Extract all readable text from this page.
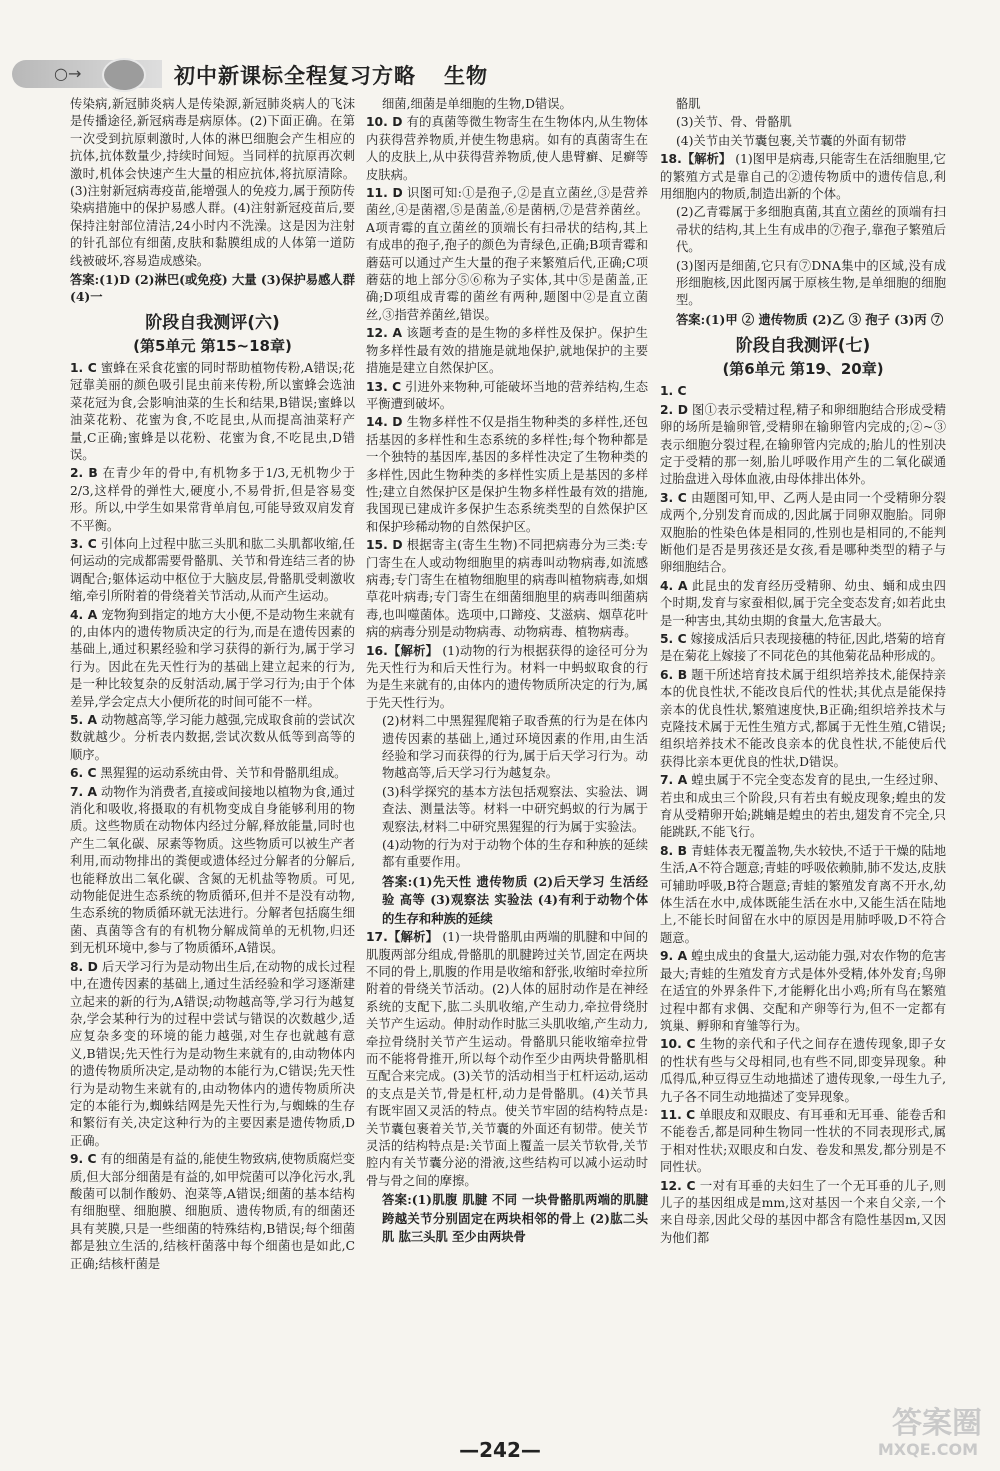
○→	初中新课标全程复习方略 生物

传染病,新冠肺炎病人是传染源,新冠肺炎病人的飞沫是传播途径,新冠病毒是病原体。(2)下面正确。在第一次受到抗原刺激时,人体的淋巴细胞会产生相应的抗体,抗体数量少,持续时间短。当同样的抗原再次刺激时,机体会快速产生大量的相应抗体,将抗原清除。(3)注射新冠病毒疫苗,能增强人的免疫力,属于预防传染病措施中的保护易感人群。(4)注射新冠疫苗后,要保持注射部位清洁,24小时内不洗澡。这是因为注射的针孔部位有细菌,皮肤和黏膜组成的人体第一道防线被破坏,容易造成感染。

答案:(1)D (2)淋巴(或免疫) 大量 (3)保护易感人群 (4)一

阶段自我测评(六)
(第5单元 第15~18章)

1. C 蜜蜂在采食花蜜的同时帮助植物传粉,A错误;花冠靠美丽的颜色吸引昆虫前来传粉,所以蜜蜂会选油菜花冠为食,会影响油菜的生长和结果,B错误;蜜蜂以油菜花粉、花蜜为食,不吃昆虫,从而提高油菜籽产量,C正确;蜜蜂是以花粉、花蜜为食,不吃昆虫,D错误。

2. B 在青少年的骨中,有机物多于1/3,无机物少于2/3,这样骨的弹性大,硬度小,不易骨折,但是容易变形。所以,中学生如果常背单肩包,可能导致双肩发育不平衡。

3. C 引体向上过程中肱三头肌和肱二头肌都收缩,任何运动的完成都需要骨骼肌、关节和骨连结三者的协调配合;躯体运动中枢位于大脑皮层,骨骼肌受刺激收缩,牵引所附着的骨绕着关节活动,从而产生运动。

4. A 宠物狗到指定的地方大小便,不是动物生来就有的,由体内的遗传物质决定的行为,而是在遗传因素的基础上,通过积累经验和学习获得的新行为,属于学习行为。因此在先天性行为的基础上建立起来的行为,是一种比较复杂的反射活动,属于学习行为;由于个体差异,学会定点大小便所花的时间可能不一样。

5. A 动物越高等,学习能力越强,完成取食前的尝试次数就越少。分析表内数据,尝试次数从低等到高等的顺序。

6. C 黑猩猩的运动系统由骨、关节和骨骼肌组成。

7. A 动物作为消费者,直接或间接地以植物为食,通过消化和吸收,将摄取的有机物变成自身能够利用的物质。这些物质在动物体内经过分解,释放能量,同时也产生二氧化碳、尿素等物质。这些物质可以被生产者利用,而动物排出的粪便或遗体经过分解者的分解后,也能释放出二氧化碳、含氮的无机盐等物质。可见,动物能促进生态系统的物质循环,但并不是没有动物,生态系统的物质循环就无法进行。分解者包括腐生细菌、真菌等含有的有机物分解成简单的无机物,归还到无机环境中,参与了物质循环,A错误。

8. D 后天学习行为是动物出生后,在动物的成长过程中,在遗传因素的基础上,通过生活经验和学习逐渐建立起来的新的行为,A错误;动物越高等,学习行为越复杂,学会某种行为的过程中尝试与错误的次数越少,适应复杂多变的环境的能力越强,对生存也就越有意义,B错误;先天性行为是动物生来就有的,由动物体内的遗传物质所决定,是动物的本能行为,C错误;先天性行为是动物生来就有的,由动物体内的遗传物质所决定的本能行为,蜘蛛结网是先天性行为,与蜘蛛的生存和繁衍有关,决定这种行为的主要因素是遗传物质,D正确。

9. C 有的细菌是有益的,能使生物致病,使物质腐烂变质,但大部分细菌是有益的,如甲烷菌可以净化污水,乳酸菌可以制作酸奶、泡菜等,A错误;细菌的基本结构有细胞壁、细胞膜、细胞质、遗传物质,有的细菌还具有荚膜,只是一些细菌的特殊结构,B错误;每个细菌都是独立生活的,结核杆菌落中每个细菌也是如此,C正确;结核杆菌是

细菌,细菌是单细胞的生物,D错误。

10. D 有的真菌等微生物寄生在生物体内,从生物体内获得营养物质,并使生物患病。如有的真菌寄生在人的皮肤上,从中获得营养物质,使人患臂癣、足癣等皮肤病。

11. D 识图可知:①是孢子,②是直立菌丝,③是营养菌丝,④是菌褶,⑤是菌盖,⑥是菌柄,⑦是营养菌丝。A项青霉的直立菌丝的顶端长有扫帚状的结构,其上有成串的孢子,孢子的颜色为青绿色,正确;B项青霉和蘑菇可以通过产生大量的孢子来繁殖后代,正确;C项蘑菇的地上部分⑤⑥称为子实体,其中⑤是菌盖,正确;D项组成青霉的菌丝有两种,题图中②是直立菌丝,③指营养菌丝,错误。

12. A 该题考查的是生物的多样性及保护。保护生物多样性最有效的措施是就地保护,就地保护的主要措施是建立自然保护区。

13. C 引进外来物种,可能破坏当地的营养结构,生态平衡遭到破坏。

14. D 生物多样性不仅是指生物种类的多样性,还包括基因的多样性和生态系统的多样性;每个物种都是一个独特的基因库,基因的多样性决定了生物种类的多样性,因此生物种类的多样性实质上是基因的多样性;建立自然保护区是保护生物多样性最有效的措施,我国现已建成许多保护生态系统类型的自然保护区和保护珍稀动物的自然保护区。

15. D 根据寄主(寄生生物)不同把病毒分为三类:专门寄生在人或动物细胞里的病毒叫动物病毒,如流感病毒;专门寄生在植物细胞里的病毒叫植物病毒,如烟草花叶病毒;专门寄生在细菌细胞里的病毒叫细菌病毒,也叫噬菌体。选项中,口蹄疫、艾滋病、烟草花叶病的病毒分别是动物病毒、动物病毒、植物病毒。

16.【解析】 (1)动物的行为根据获得的途径可分为先天性行为和后天性行为。材料一中蚂蚁取食的行为是生来就有的,由体内的遗传物质所决定的行为,属于先天性行为。

(2)材料二中黑猩猩爬箱子取香蕉的行为是在体内遗传因素的基础上,通过环境因素的作用,由生活经验和学习而获得的行为,属于后天学习行为。动物越高等,后天学习行为越复杂。

(3)科学探究的基本方法包括观察法、实验法、调查法、测量法等。材料一中研究蚂蚁的行为属于观察法,材料二中研究黑猩猩的行为属于实验法。

(4)动物的行为对于动物个体的生存和种族的延续都有重要作用。

答案:(1)先天性 遗传物质 (2)后天学习 生活经验 高等 (3)观察法 实验法 (4)有利于动物个体的生存和种族的延续

17.【解析】 (1)一块骨骼肌由两端的肌腱和中间的肌腹两部分组成,骨骼肌的肌腱跨过关节,固定在两块不同的骨上,肌腹的作用是收缩和舒张,收缩时牵拉所附着的骨绕关节活动。(2)人体的屈肘动作是在神经系统的支配下,肱二头肌收缩,产生动力,牵拉骨绕肘关节产生运动。伸肘动作时肱三头肌收缩,产生动力,牵拉骨绕肘关节产生运动。骨骼肌只能收缩牵拉骨而不能将骨推开,所以每个动作至少由两块骨骼肌相互配合来完成。(3)关节的活动相当于杠杆运动,运动的支点是关节,骨是杠杆,动力是骨骼肌。(4)关节具有既牢固又灵活的特点。使关节牢固的结构特点是:关节囊包裹着关节,关节囊的外面还有韧带。使关节灵活的结构特点是:关节面上覆盖一层关节软骨,关节腔内有关节囊分泌的滑液,这些结构可以减小运动时骨与骨之间的摩擦。

答案:(1)肌腹 肌腱 不同 一块骨骼肌两端的肌腱跨越关节分别固定在两块相邻的骨上 (2)肱二头肌 肱三头肌 至少由两块骨

骼肌

(3)关节、骨、骨骼肌

(4)关节由关节囊包裹,关节囊的外面有韧带

18.【解析】 (1)图甲是病毒,只能寄生在活细胞里,它的繁殖方式是靠自己的②遗传物质中的遗传信息,利用细胞内的物质,制造出新的个体。

(2)乙青霉属于多细胞真菌,其直立菌丝的顶端有扫帚状的结构,其上生有成串的⑦孢子,靠孢子繁殖后代。

(3)图丙是细菌,它只有⑦DNA集中的区域,没有成形细胞核,因此图丙属于原核生物,是单细胞的细胞型。

答案:(1)甲 ② 遗传物质 (2)乙 ③ 孢子 (3)丙 ⑦

阶段自我测评(七)
(第6单元 第19、20章)

1. C

2. D 图①表示受精过程,精子和卵细胞结合形成受精卵的场所是输卵管,受精卵在输卵管内完成的;②~③表示细胞分裂过程,在输卵管内完成的;胎儿的性别决定于受精的那一刻,胎儿呼吸作用产生的二氧化碳通过胎盘进入母体血液,由母体排出体外。

3. C 由题图可知,甲、乙两人是由同一个受精卵分裂成两个,分别发育而成的,因此属于同卵双胞胎。同卵双胞胎的性染色体是相同的,性别也是相同的,不能判断他们是否是男孩还是女孩,看是哪种类型的精子与卵细胞结合。

4. A 此昆虫的发育经历受精卵、幼虫、蛹和成虫四个时期,发育与家蚕相似,属于完全变态发育;如若此虫是一种害虫,其幼虫期的食量大,危害最大。

5. C 嫁接成活后只表现接穗的特征,因此,塔菊的培育是在菊花上嫁接了不同花色的其他菊花品种形成的。

6. B 题干所述培育技术属于组织培养技术,能保持亲本的优良性状,不能改良后代的性状;其优点是能保持亲本的优良性状,繁殖速度快,B正确;组织培养技术与克隆技术属于无性生殖方式,都属于无性生殖,C错误;组织培养技术不能改良亲本的优良性状,不能使后代获得比亲本更优良的性状,D错误。

7. A 蝗虫属于不完全变态发育的昆虫,一生经过卵、若虫和成虫三个阶段,只有若虫有蜕皮现象;蝗虫的发育从受精卵开始;跳蝻是蝗虫的若虫,翅发育不完全,只能跳跃,不能飞行。

8. B 青蛙体表无覆盖物,失水较快,不适于干燥的陆地生活,A不符合题意;青蛙的呼吸依赖肺,肺不发达,皮肤可辅助呼吸,B符合题意;青蛙的繁殖发育离不开水,幼体生活在水中,成体既能生活在水中,又能生活在陆地上,不能长时间留在水中的原因是用肺呼吸,D不符合题意。

9. A 蝗虫成虫的食量大,运动能力强,对农作物的危害最大;青蛙的生殖发育方式是体外受精,体外发育;鸟卵在适宜的外界条件下,才能孵化出小鸡;所有鸟在繁殖过程中都有求偶、交配和产卵等行为,但不一定都有筑巢、孵卵和育雏等行为。

10. C 生物的亲代和子代之间存在遗传现象,即子女的性状有些与父母相同,也有些不同,即变异现象。种瓜得瓜,种豆得豆生动地描述了遗传现象,一母生九子,九子各不同生动地描述了变异现象。

11. C 单眼皮和双眼皮、有耳垂和无耳垂、能卷舌和不能卷舌,都是同种生物同一性状的不同表现形式,属于相对性状;双眼皮和白发、卷发和黑发,都分别是不同性状。

12. C 一对有耳垂的夫妇生了一个无耳垂的儿子,则儿子的基因组成是mm,这对基因一个来自父亲,一个来自母亲,因此父母的基因中都含有隐性基因m,又因为他们都

—242—
答案圈
MXQE.COM
